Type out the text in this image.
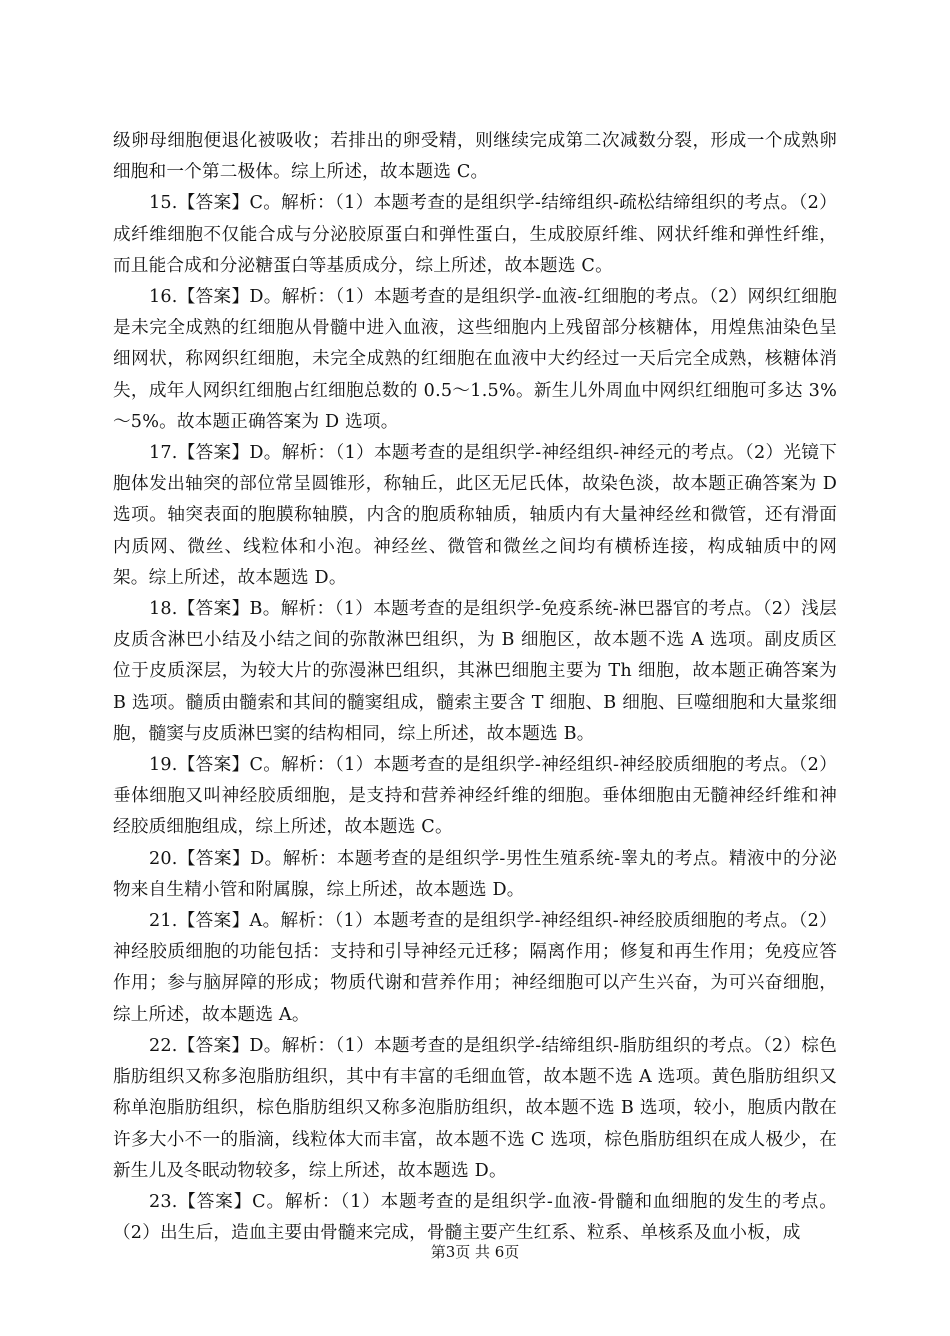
级卵母细胞便退化被吸收；若排出的卵受精，则继续完成第二次减数分裂，形成一个成熟卵细胞和一个第二极体。综上所述，故本题选 C。

15.【答案】C。解析：（1）本题考查的是组织学-结缔组织-疏松结缔组织的考点。（2）成纤维细胞不仅能合成与分泌胶原蛋白和弹性蛋白，生成胶原纤维、网状纤维和弹性纤维，而且能合成和分泌糖蛋白等基质成分，综上所述，故本题选 C。

16.【答案】D。解析：（1）本题考查的是组织学-血液-红细胞的考点。（2）网织红细胞是未完全成熟的红细胞从骨髓中进入血液，这些细胞内上残留部分核糖体，用煌焦油染色呈细网状，称网织红细胞，未完全成熟的红细胞在血液中大约经过一天后完全成熟，核糖体消失，成年人网织红细胞占红细胞总数的 0.5～1.5%。新生儿外周血中网织红细胞可多达 3%～5%。故本题正确答案为 D 选项。

17.【答案】D。解析：（1）本题考查的是组织学-神经组织-神经元的考点。（2）光镜下胞体发出轴突的部位常呈圆锥形，称轴丘，此区无尼氏体，故染色淡，故本题正确答案为 D 选项。轴突表面的胞膜称轴膜，内含的胞质称轴质，轴质内有大量神经丝和微管，还有滑面内质网、微丝、线粒体和小泡。神经丝、微管和微丝之间均有横桥连接，构成轴质中的网架。综上所述，故本题选 D。

18.【答案】B。解析：（1）本题考查的是组织学-免疫系统-淋巴器官的考点。（2）浅层皮质含淋巴小结及小结之间的弥散淋巴组织，为 B 细胞区，故本题不选 A 选项。副皮质区位于皮质深层，为较大片的弥漫淋巴组织，其淋巴细胞主要为 Th 细胞，故本题正确答案为 B 选项。髓质由髓索和其间的髓窦组成，髓索主要含 T 细胞、B 细胞、巨噬细胞和大量浆细胞，髓窦与皮质淋巴窦的结构相同，综上所述，故本题选 B。

19.【答案】C。解析：（1）本题考查的是组织学-神经组织-神经胶质细胞的考点。（2）垂体细胞又叫神经胶质细胞，是支持和营养神经纤维的细胞。垂体细胞由无髓神经纤维和神经胶质细胞组成，综上所述，故本题选 C。

20.【答案】D。解析：本题考查的是组织学-男性生殖系统-睾丸的考点。精液中的分泌物来自生精小管和附属腺，综上所述，故本题选 D。

21.【答案】A。解析：（1）本题考查的是组织学-神经组织-神经胶质细胞的考点。（2）神经胶质细胞的功能包括：支持和引导神经元迁移；隔离作用；修复和再生作用；免疫应答作用；参与脑屏障的形成；物质代谢和营养作用；神经细胞可以产生兴奋，为可兴奋细胞，综上所述，故本题选 A。

22.【答案】D。解析：（1）本题考查的是组织学-结缔组织-脂肪组织的考点。（2）棕色脂肪组织又称多泡脂肪组织，其中有丰富的毛细血管，故本题不选 A 选项。黄色脂肪组织又称单泡脂肪组织，棕色脂肪组织又称多泡脂肪组织，故本题不选 B 选项，较小，胞质内散在许多大小不一的脂滴，线粒体大而丰富，故本题不选 C 选项，棕色脂肪组织在成人极少，在新生儿及冬眠动物较多，综上所述，故本题选 D。

23.【答案】C。解析：（1）本题考查的是组织学-血液-骨髓和血细胞的发生的考点。（2）出生后，造血主要由骨髓来完成，骨髓主要产生红系、粒系、单核系及血小板，成

第3页 共 6页
